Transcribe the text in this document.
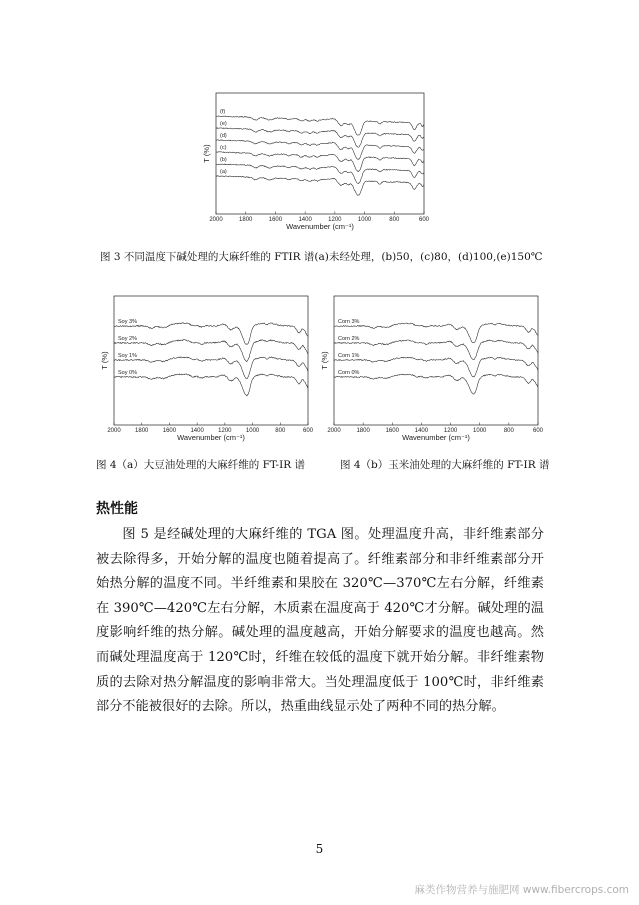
2000	1800	1600	1400	1200	1000	800	600
Wavenumber (cm⁻¹)
T (%)
(f)
(e)
(d)
(c)
(b)
(a)
图 3 不同温度下碱处理的大麻纤维的 FTIR 谱(a)未经处理，(b)50，(c)80，(d)100,(e)150℃
2000 1800 1600 1400 1200 1000	800	600
Wavenumber (cm⁻¹)
T (%)
Soy 3%
Soy 2%
Soy 1%
Soy 0%
图 4（a）大豆油处理的大麻纤维的 FT-IR 谱
2000	1800	1600	1400	1200	1000	800	600
Wavenumber (cm⁻¹)
T (%)
Corn 3%
Corn 2%
Corn 1%
Corn 0%
图 4（b）玉米油处理的大麻纤维的 FT-IR 谱
热性能

图 5 是经碱处理的大麻纤维的 TGA 图。处理温度升高，非纤维素部分被去除得多，开始分解的温度也随着提高了。纤维素部分和非纤维素部分开始热分解的温度不同。半纤维素和果胶在 320℃—370℃左右分解，纤维素在 390℃—420℃左右分解，木质素在温度高于 420℃才分解。碱处理的温度影响纤维的热分解。碱处理的温度越高，开始分解要求的温度也越高。然而碱处理温度高于 120℃时，纤维在较低的温度下就开始分解。非纤维素物质的去除对热分解温度的影响非常大。当处理温度低于 100℃时，非纤维素部分不能被很好的去除。所以，热重曲线显示处了两种不同的热分解。

5
麻类作物营养与施肥网 www.fibercrops.com
